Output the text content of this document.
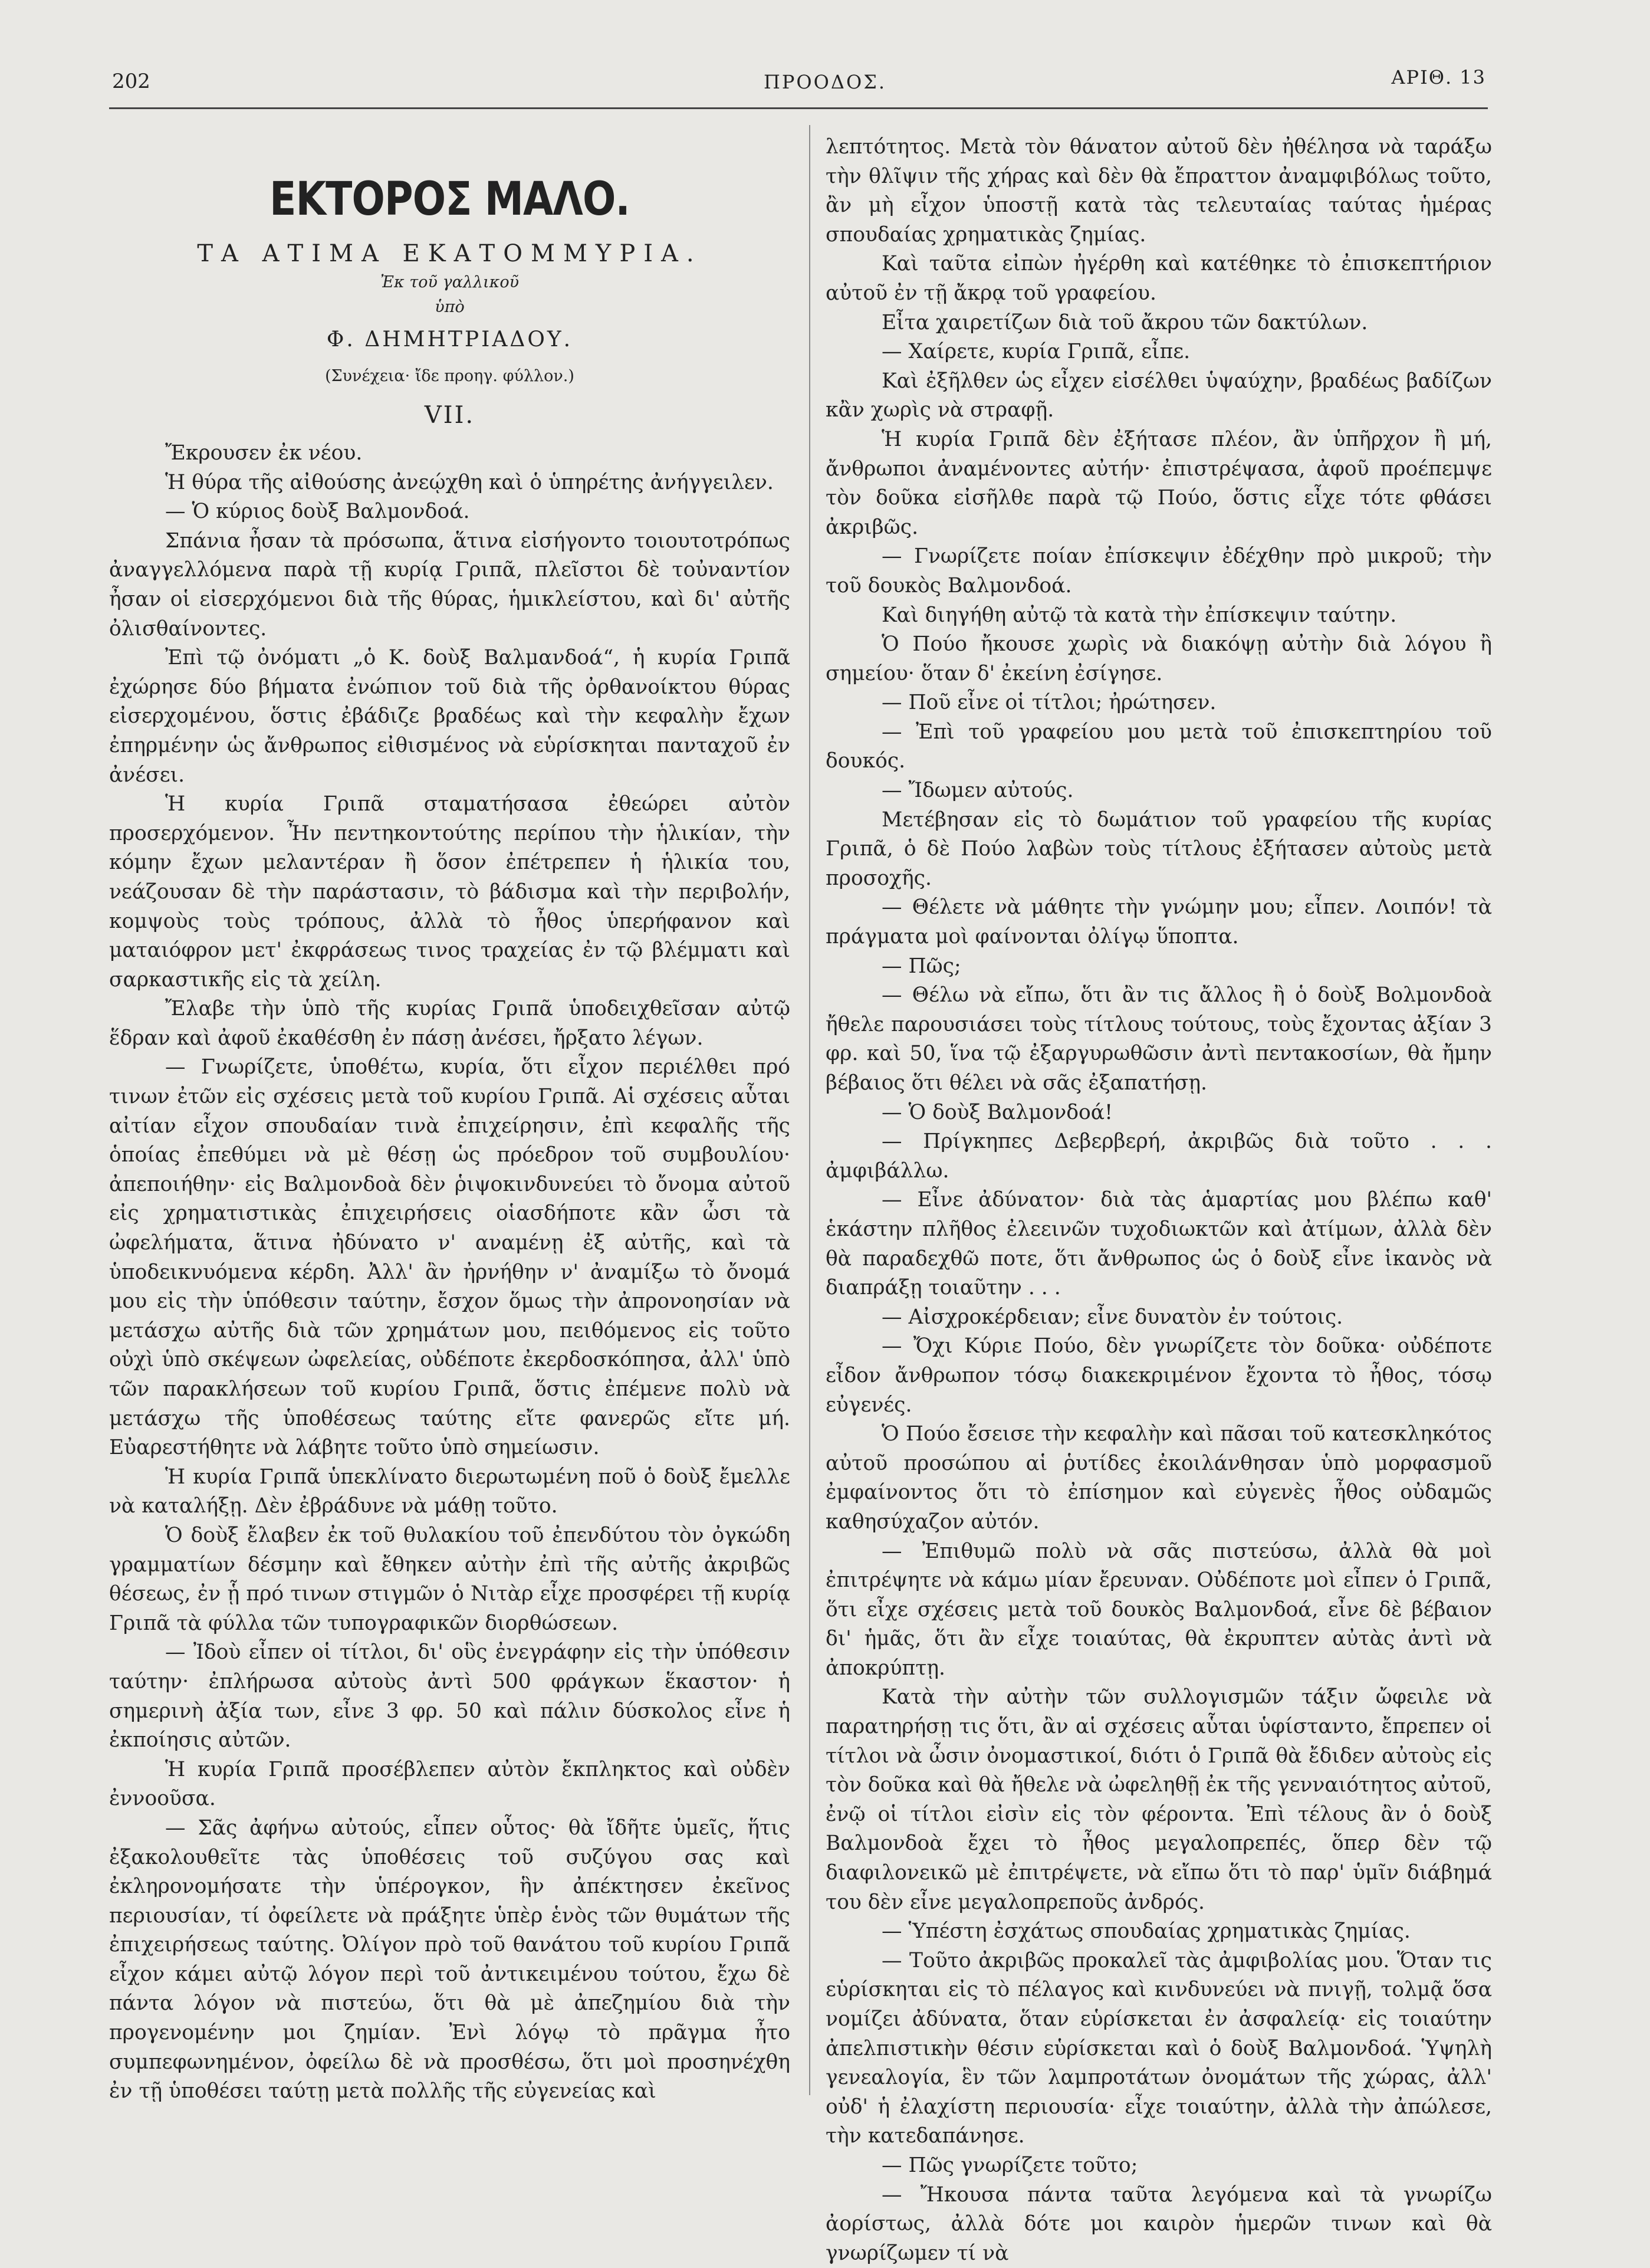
202	ΠΡΟΟΔΟΣ.	ΑΡΙΘ. 13
ΕΚΤΟΡΟΣ ΜΑΛΟ.
ΤΑ ΑΤΙΜΑ ΕΚΑΤΟΜΜΥΡΙΑ.
Ἐκ τοῦ γαλλικοῦ
ὑπὸ
Φ. ΔΗΜΗΤΡΙΑΔΟΥ.
(Συνέχεια· ἴδε προηγ. φύλλον.)
VII.

Ἔκρουσεν ἐκ νέου.

Ἡ θύρα τῆς αἰθούσης ἀνεῴχθη καὶ ὁ ὑπηρέτης ἀνήγγειλεν.

— Ὁ κύριος δοὺξ Βαλμονδοά.

Σπάνια ἦσαν τὰ πρόσωπα, ἅτινα εἰσήγοντο τοιουτοτρόπως ἀναγγελλόμενα παρὰ τῇ κυρίᾳ Γριπᾶ, πλεῖστοι δὲ τοὐναντίον ἦσαν οἱ εἰσερχόμενοι διὰ τῆς θύρας, ἡμικλείστου, καὶ δι' αὐτῆς ὀλισθαίνοντες.

Ἐπὶ τῷ ὀνόματι „ὁ Κ. δοὺξ Βαλμανδοά“, ἡ κυρία Γριπᾶ ἐχώρησε δύο βήματα ἐνώπιον τοῦ διὰ τῆς ὀρθανοίκτου θύρας εἰσερχομένου, ὅστις ἐβάδιζε βραδέως καὶ τὴν κεφαλὴν ἔχων ἐπηρμένην ὡς ἄνθρωπος εἰθισμένος νὰ εὑρίσκηται πανταχοῦ ἐν ἀνέσει.

Ἡ κυρία Γριπᾶ σταματήσασα ἐθεώρει αὐτὸν προσερχόμενον. Ἦν πεντηκοντούτης περίπου τὴν ἡλικίαν, τὴν κόμην ἔχων μελαντέραν ἢ ὅσον ἐπέτρεπεν ἡ ἡλικία του, νεάζουσαν δὲ τὴν παράστασιν, τὸ βάδισμα καὶ τὴν περιβολήν, κομψοὺς τοὺς τρόπους, ἀλλὰ τὸ ἦθος ὑπερήφανον καὶ ματαιόφρον μετ' ἐκφράσεως τινος τραχείας ἐν τῷ βλέμματι καὶ σαρκαστικῆς εἰς τὰ χείλη.

Ἔλαβε τὴν ὑπὸ τῆς κυρίας Γριπᾶ ὑποδειχθεῖσαν αὐτῷ ἕδραν καὶ ἀφοῦ ἐκαθέσθη ἐν πάσῃ ἀνέσει, ἤρξατο λέγων.

— Γνωρίζετε, ὑποθέτω, κυρία, ὅτι εἶχον περιέλθει πρό τινων ἐτῶν εἰς σχέσεις μετὰ τοῦ κυρίου Γριπᾶ. Αἱ σχέσεις αὗται αἰτίαν εἶχον σπουδαίαν τινὰ ἐπιχείρησιν, ἐπὶ κεφαλῆς τῆς ὁποίας ἐπεθύμει νὰ μὲ θέσῃ ὡς πρόεδρον τοῦ συμβουλίου· ἀπεποιήθην· εἰς Βαλμονδοὰ δὲν ῥιψοκινδυνεύει τὸ ὄνομα αὐτοῦ εἰς χρηματιστικὰς ἐπιχειρήσεις οἱασδήποτε κἂν ὦσι τὰ ὠφελήματα, ἅτινα ἠδύνατο ν' αναμένῃ ἐξ αὐτῆς, καὶ τὰ ὑποδεικνυόμενα κέρδη. Ἀλλ' ἂν ἠρνήθην ν' ἀναμίξω τὸ ὄνομά μου εἰς τὴν ὑπόθεσιν ταύτην, ἔσχον ὅμως τὴν ἀπρονοησίαν νὰ μετάσχω αὐτῆς διὰ τῶν χρημάτων μου, πειθόμενος εἰς τοῦτο οὐχὶ ὑπὸ σκέψεων ὠφελείας, οὐδέποτε ἐκερδοσκόπησα, ἀλλ' ὑπὸ τῶν παρακλήσεων τοῦ κυρίου Γριπᾶ, ὅστις ἐπέμενε πολὺ νὰ μετάσχω τῆς ὑποθέσεως ταύτης εἴτε φανερῶς εἴτε μή. Εὐαρεστήθητε νὰ λάβητε τοῦτο ὑπὸ σημείωσιν.

Ἡ κυρία Γριπᾶ ὑπεκλίνατο διερωτωμένη ποῦ ὁ δοὺξ ἔμελλε νὰ καταλήξῃ. Δὲν ἐβράδυνε νὰ μάθῃ τοῦτο.

Ὁ δοὺξ ἔλαβεν ἐκ τοῦ θυλακίου τοῦ ἐπενδύτου τὸν ὀγκώδη γραμματίων δέσμην καὶ ἔθηκεν αὐτὴν ἐπὶ τῆς αὐτῆς ἀκριβῶς θέσεως, ἐν ᾗ πρό τινων στιγμῶν ὁ Νιτὰρ εἶχε προσφέρει τῇ κυρίᾳ Γριπᾶ τὰ φύλλα τῶν τυπογραφικῶν διορθώσεων.

— Ἰδοὺ εἶπεν οἱ τίτλοι, δι' οὓς ἐνεγράφην εἰς τὴν ὑπόθεσιν ταύτην· ἐπλήρωσα αὐτοὺς ἀντὶ 500 φράγκων ἕκαστον· ἡ σημερινὴ ἀξία των, εἶνε 3 φρ. 50 καὶ πάλιν δύσκολος εἶνε ἡ ἐκποίησις αὐτῶν.

Ἡ κυρία Γριπᾶ προσέβλεπεν αὐτὸν ἔκπληκτος καὶ οὐδὲν ἐννοοῦσα.

— Σᾶς ἀφήνω αὐτούς, εἶπεν οὗτος· θὰ ἴδῆτε ὑμεῖς, ἥτις ἐξακολουθεῖτε τὰς ὑποθέσεις τοῦ συζύγου σας καὶ ἐκληρονομήσατε τὴν ὑπέρογκον, ἣν ἀπέκτησεν ἐκεῖνος περιουσίαν, τί ὀφείλετε νὰ πράξητε ὑπὲρ ἑνὸς τῶν θυμάτων τῆς ἐπιχειρήσεως ταύτης. Ὀλίγον πρὸ τοῦ θανάτου τοῦ κυρίου Γριπᾶ εἶχον κάμει αὐτῷ λόγον περὶ τοῦ ἀντικειμένου τούτου, ἔχω δὲ πάντα λόγον νὰ πιστεύω, ὅτι θὰ μὲ ἀπεζημίου διὰ τὴν προγενομένην μοι ζημίαν. Ἐνὶ λόγῳ τὸ πρᾶγμα ἦτο συμπεφωνημένον, ὀφείλω δὲ νὰ προσθέσω, ὅτι μοὶ προσηνέχθη ἐν τῇ ὑποθέσει ταύτῃ μετὰ πολλῆς τῆς εὐγενείας καὶ

λεπτότητος. Μετὰ τὸν θάνατον αὐτοῦ δὲν ἠθέλησα νὰ ταράξω τὴν θλῖψιν τῆς χήρας καὶ δὲν θὰ ἔπραττον ἀναμφιβόλως τοῦτο, ἂν μὴ εἶχον ὑποστῇ κατὰ τὰς τελευταίας ταύτας ἡμέρας σπουδαίας χρηματικὰς ζημίας.

Καὶ ταῦτα εἰπὼν ἠγέρθη καὶ κατέθηκε τὸ ἐπισκεπτήριον αὐτοῦ ἐν τῇ ἄκρᾳ τοῦ γραφείου.

Εἶτα χαιρετίζων διὰ τοῦ ἄκρου τῶν δακτύλων.

— Χαίρετε, κυρία Γριπᾶ, εἶπε.

Καὶ ἐξῆλθεν ὡς εἶχεν εἰσέλθει ὑψαύχην, βραδέως βαδίζων κἂν χωρὶς νὰ στραφῇ.

Ἡ κυρία Γριπᾶ δὲν ἐξήτασε πλέον, ἂν ὑπῆρχον ἢ μή, ἄνθρωποι ἀναμένοντες αὐτήν· ἐπιστρέψασα, ἀφοῦ προέπεμψε τὸν δοῦκα εἰσῆλθε παρὰ τῷ Πούο, ὅστις εἶχε τότε φθάσει ἀκριβῶς.

— Γνωρίζετε ποίαν ἐπίσκεψιν ἐδέχθην πρὸ μικροῦ; τὴν τοῦ δουκὸς Βαλμονδοά.

Καὶ διηγήθη αὐτῷ τὰ κατὰ τὴν ἐπίσκεψιν ταύτην.

Ὁ Πούο ἤκουσε χωρὶς νὰ διακόψῃ αὐτὴν διὰ λόγου ἢ σημείου· ὅταν δ' ἐκείνη ἐσίγησε.

— Ποῦ εἶνε οἱ τίτλοι; ἠρώτησεν.

— Ἐπὶ τοῦ γραφείου μου μετὰ τοῦ ἐπισκεπτηρίου τοῦ δουκός.

— Ἴδωμεν αὐτούς.

Μετέβησαν εἰς τὸ δωμάτιον τοῦ γραφείου τῆς κυρίας Γριπᾶ, ὁ δὲ Πούο λαβὼν τοὺς τίτλους ἐξήτασεν αὐτοὺς μετὰ προσοχῆς.

— Θέλετε νὰ μάθητε τὴν γνώμην μου; εἶπεν. Λοιπόν! τὰ πράγματα μοὶ φαίνονται ὀλίγῳ ὕποπτα.

— Πῶς;

— Θέλω νὰ εἴπω, ὅτι ἂν τις ἄλλος ἢ ὁ δοὺξ Βολμονδοὰ ἤθελε παρουσιάσει τοὺς τίτλους τούτους, τοὺς ἔχοντας ἀξίαν 3 φρ. καὶ 50, ἵνα τῷ ἐξαργυρωθῶσιν ἀντὶ πεντακοσίων, θὰ ἤμην βέβαιος ὅτι θέλει νὰ σᾶς ἐξαπατήσῃ.

— Ὁ δοὺξ Βαλμονδοά!

— Πρίγκηπες Δεβερβερή, ἀκριβῶς διὰ τοῦτο . . . ἀμφιβάλλω.

— Εἶνε ἀδύνατον· διὰ τὰς ἁμαρτίας μου βλέπω καθ' ἑκάστην πλῆθος ἐλεεινῶν τυχοδιωκτῶν καὶ ἀτίμων, ἀλλὰ δὲν θὰ παραδεχθῶ ποτε, ὅτι ἄνθρωπος ὡς ὁ δοὺξ εἶνε ἱκανὸς νὰ διαπράξῃ τοιαῦτην . . .

— Αἰσχροκέρδειαν; εἶνε δυνατὸν ἐν τούτοις.

— Ὄχι Κύριε Πούο, δὲν γνωρίζετε τὸν δοῦκα· οὐδέποτε εἶδον ἄνθρωπον τόσῳ διακεκριμένον ἔχοντα τὸ ἦθος, τόσῳ εὐγενές.

Ὁ Πούο ἔσεισε τὴν κεφαλὴν καὶ πᾶσαι τοῦ κατεσκληκότος αὐτοῦ προσώπου αἱ ῥυτίδες ἐκοιλάνθησαν ὑπὸ μορφασμοῦ ἐμφαίνοντος ὅτι τὸ ἐπίσημον καὶ εὐγενὲς ἦθος οὐδαμῶς καθησύχαζον αὐτόν.

— Ἐπιθυμῶ πολὺ νὰ σᾶς πιστεύσω, ἀλλὰ θὰ μοὶ ἐπιτρέψητε νὰ κάμω μίαν ἔρευναν. Οὐδέποτε μοὶ εἶπεν ὁ Γριπᾶ, ὅτι εἶχε σχέσεις μετὰ τοῦ δουκὸς Βαλμονδοά, εἶνε δὲ βέβαιον δι' ἡμᾶς, ὅτι ἂν εἶχε τοιαύτας, θὰ ἐκρυπτεν αὐτὰς ἀντὶ νὰ ἀποκρύπτῃ.

Κατὰ τὴν αὐτὴν τῶν συλλογισμῶν τάξιν ὤφειλε νὰ παρατηρήσῃ τις ὅτι, ἂν αἱ σχέσεις αὗται ὑφίσταντο, ἔπρεπεν οἱ τίτλοι νὰ ὦσιν ὀνομαστικοί, διότι ὁ Γριπᾶ θὰ ἔδιδεν αὐτοὺς εἰς τὸν δοῦκα καὶ θὰ ἤθελε νὰ ὠφεληθῇ ἐκ τῆς γενναιότητος αὐτοῦ, ἐνῷ οἱ τίτλοι εἰσὶν εἰς τὸν φέροντα. Ἐπὶ τέλους ἂν ὁ δοὺξ Βαλμονδοὰ ἔχει τὸ ἦθος μεγαλοπρεπές, ὅπερ δὲν τῷ διαφιλονεικῶ μὲ ἐπιτρέψετε, νὰ εἴπω ὅτι τὸ παρ' ὑμῖν διάβημά του δὲν εἶνε μεγαλοπρεποῦς ἀνδρός.

— Ὑπέστη ἐσχάτως σπουδαίας χρηματικὰς ζημίας.

— Τοῦτο ἀκριβῶς προκαλεῖ τὰς ἀμφιβολίας μου. Ὅταν τις εὑρίσκηται εἰς τὸ πέλαγος καὶ κινδυνεύει νὰ πνιγῇ, τολμᾷ ὅσα νομίζει ἀδύνατα, ὅταν εὑρίσκεται ἐν ἀσφαλείᾳ· εἰς τοιαύτην ἀπελπιστικὴν θέσιν εὑρίσκεται καὶ ὁ δοὺξ Βαλμονδοά. Ὑψηλὴ γενεαλογία, ἓν τῶν λαμπροτάτων ὀνομάτων τῆς χώρας, ἀλλ' οὐδ' ἡ ἐλαχίστη περιουσία· εἶχε τοιαύτην, ἀλλὰ τὴν ἀπώλεσε, τὴν κατεδαπάνησε.

— Πῶς γνωρίζετε τοῦτο;

— Ἤκουσα πάντα ταῦτα λεγόμενα καὶ τὰ γνωρίζω ἀορίστως, ἀλλὰ δότε μοι καιρὸν ἡμερῶν τινων καὶ θὰ γνωρίζωμεν τί νὰ
